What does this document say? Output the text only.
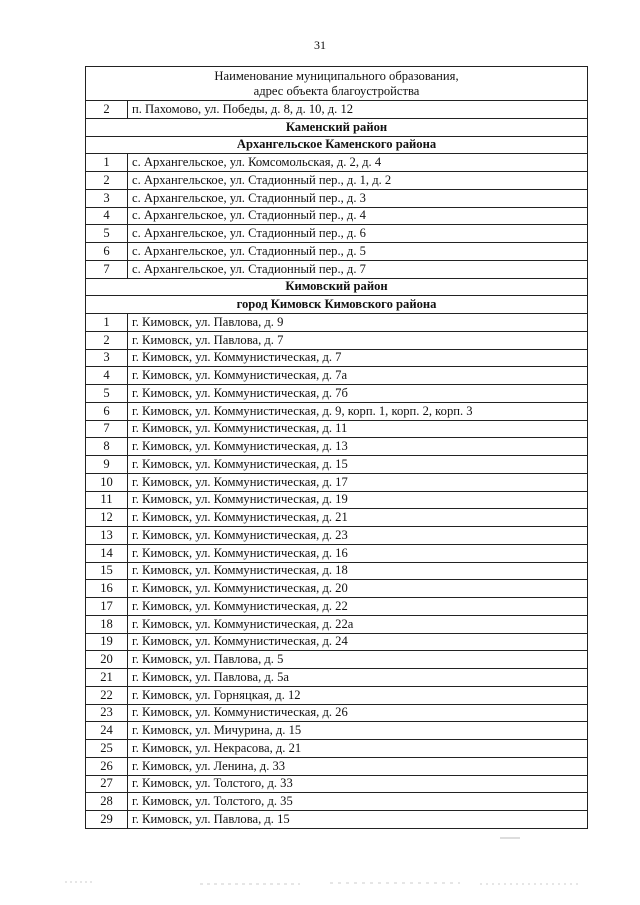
31
Наименование муниципального образования,
адрес объекта благоустройства	

2	п. Пахомово, ул. Победы, д. 8, д. 10, д. 12
Каменский район	
Архангельское Каменского района	
1	с. Архангельское, ул. Комсомольская, д. 2, д. 4
2	с. Архангельское, ул. Стадионный пер., д. 1, д. 2
3	с. Архангельское, ул. Стадионный пер., д. 3
4	с. Архангельское, ул. Стадионный пер., д. 4
5	с. Архангельское, ул. Стадионный пер., д. 6
6	с. Архангельское, ул. Стадионный пер., д. 5
7	с. Архангельское, ул. Стадионный пер., д. 7
Кимовский район	
город Кимовск Кимовского района	
1	г. Кимовск, ул. Павлова, д. 9
2	г. Кимовск, ул. Павлова, д. 7
3	г. Кимовск, ул. Коммунистическая, д. 7
4	г. Кимовск, ул. Коммунистическая, д. 7а
5	г. Кимовск, ул. Коммунистическая, д. 7б
6	г. Кимовск, ул. Коммунистическая, д. 9, корп. 1, корп. 2, корп. 3
7	г. Кимовск, ул. Коммунистическая, д. 11
8	г. Кимовск, ул. Коммунистическая, д. 13
9	г. Кимовск, ул. Коммунистическая, д. 15
10	г. Кимовск, ул. Коммунистическая, д. 17
11	г. Кимовск, ул. Коммунистическая, д. 19
12	г. Кимовск, ул. Коммунистическая, д. 21
13	г. Кимовск, ул. Коммунистическая, д. 23
14	г. Кимовск, ул. Коммунистическая, д. 16
15	г. Кимовск, ул. Коммунистическая, д. 18
16	г. Кимовск, ул. Коммунистическая, д. 20
17	г. Кимовск, ул. Коммунистическая, д. 22
18	г. Кимовск, ул. Коммунистическая, д. 22а
19	г. Кимовск, ул. Коммунистическая, д. 24
20	г. Кимовск, ул. Павлова, д. 5
21	г. Кимовск, ул. Павлова, д. 5а
22	г. Кимовск, ул. Горняцкая, д. 12
23	г. Кимовск, ул. Коммунистическая, д. 26
24	г. Кимовск, ул. Мичурина, д. 15
25	г. Кимовск, ул. Некрасова, д. 21
26	г. Кимовск, ул. Ленина, д. 33
27	г. Кимовск, ул. Толстого, д. 33
28	г. Кимовск, ул. Толстого, д. 35
29	г. Кимовск, ул. Павлова, д. 15
